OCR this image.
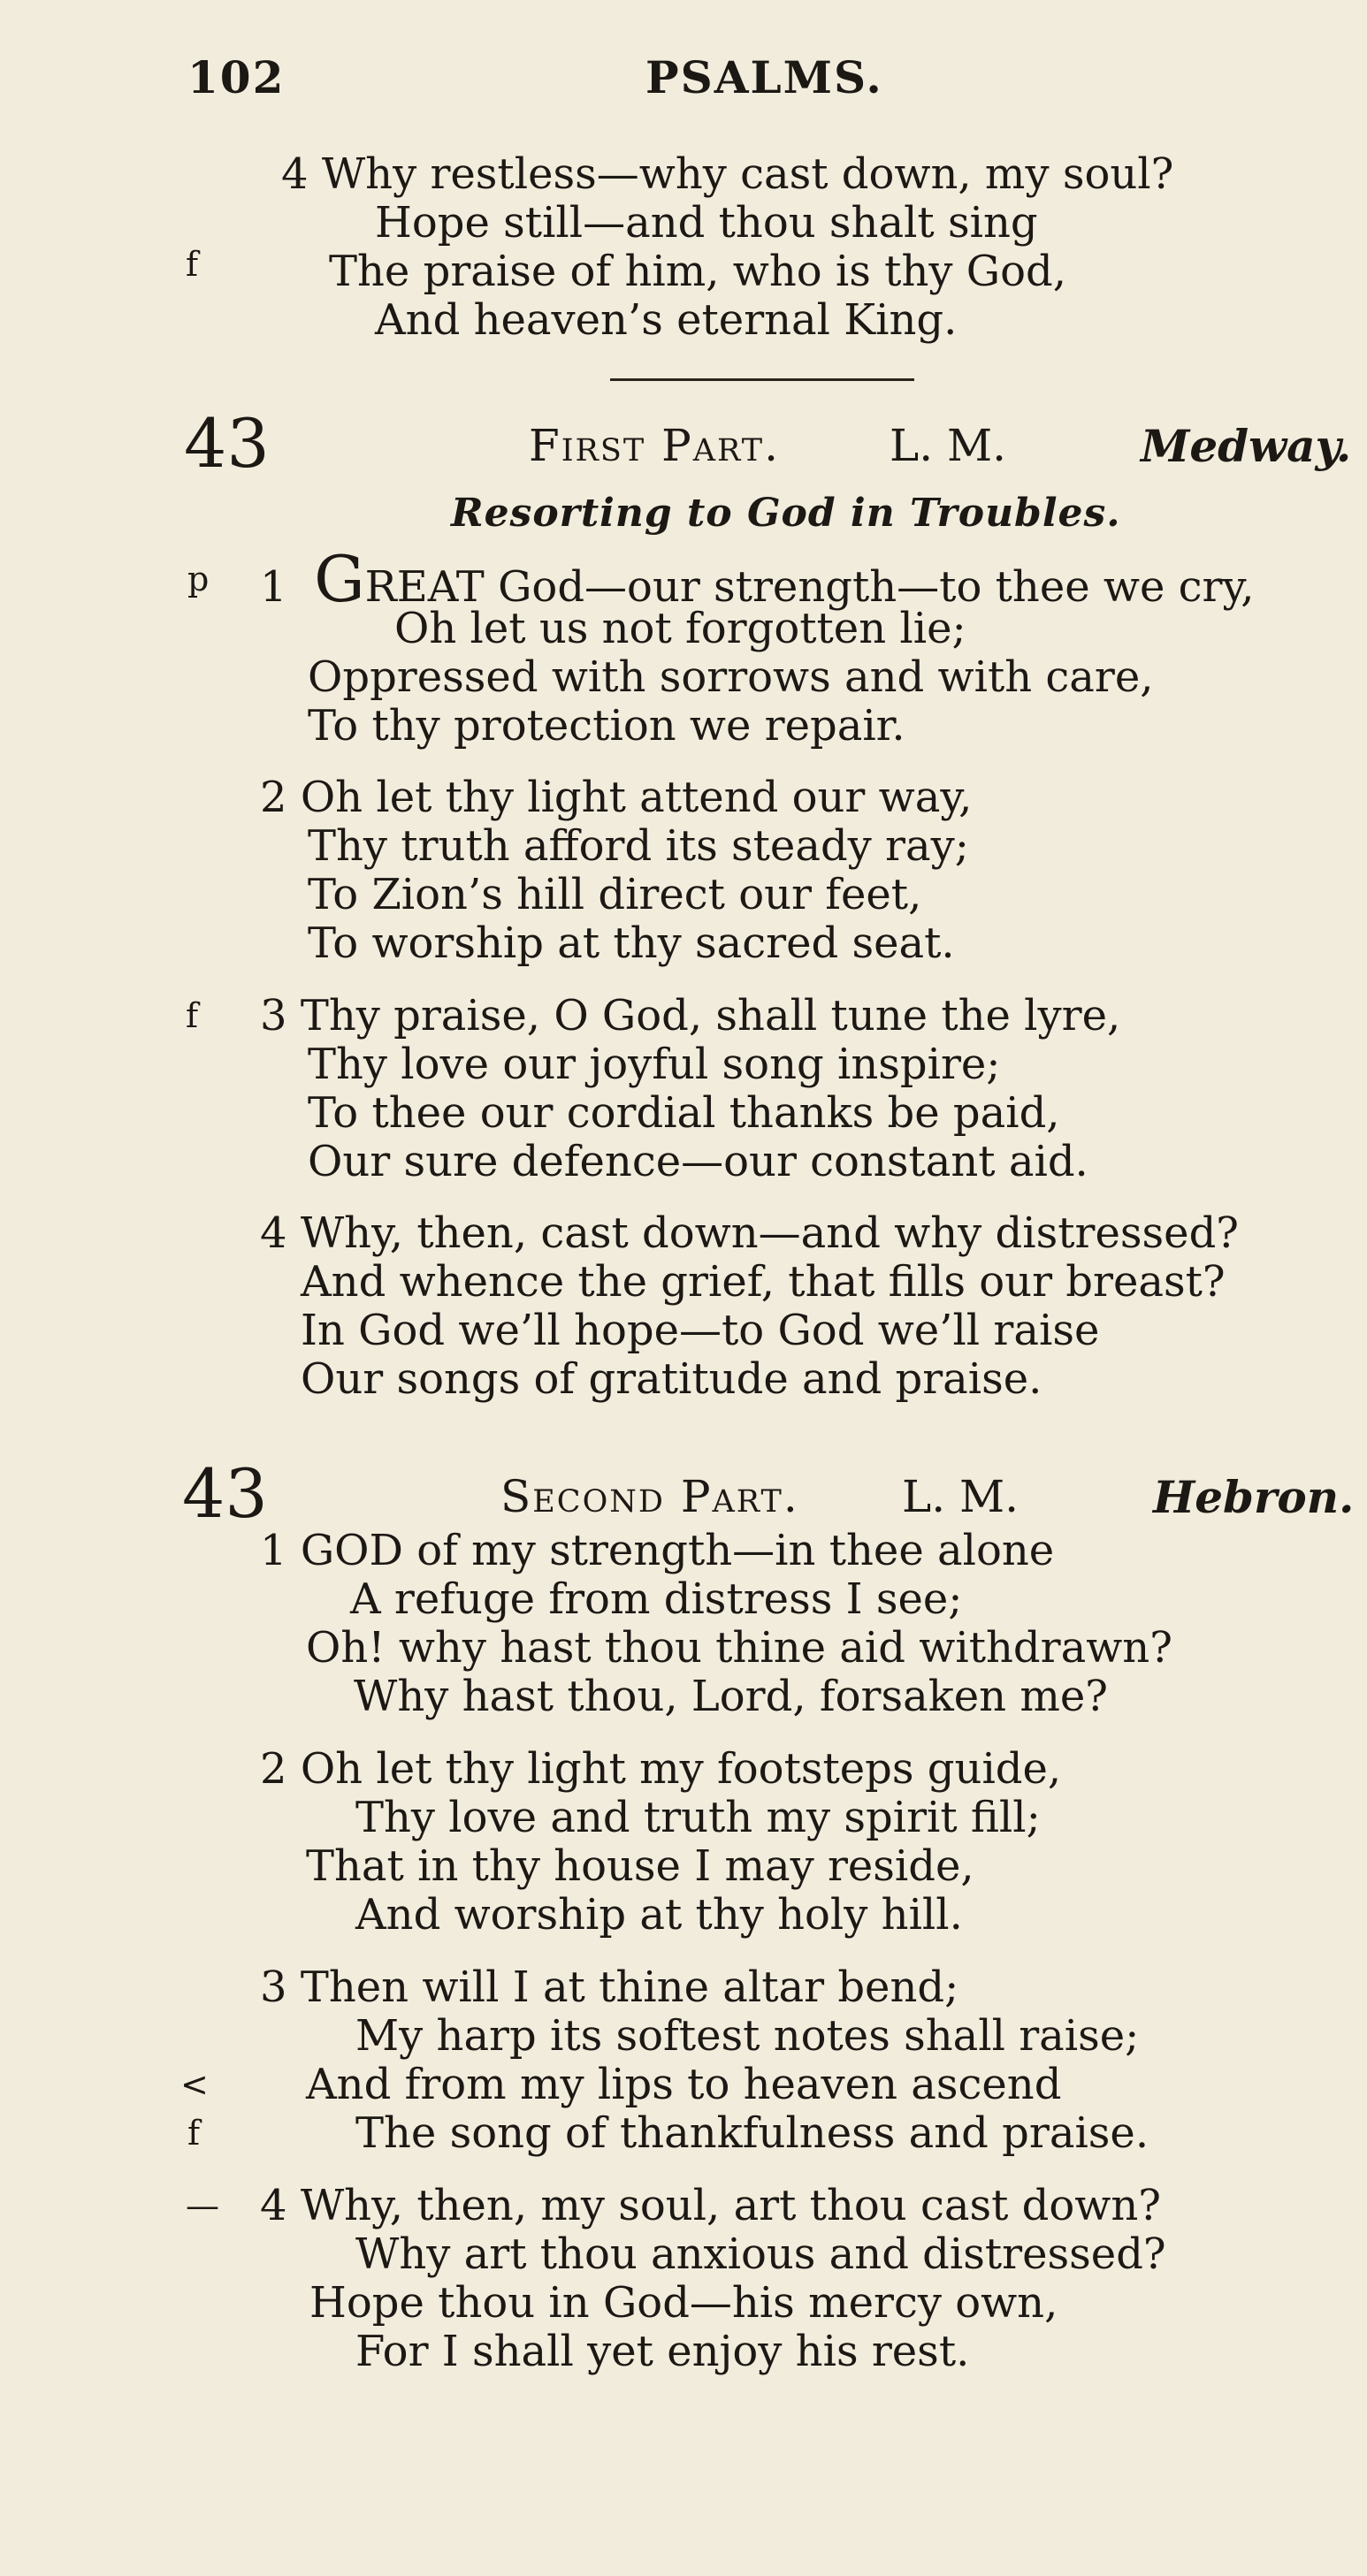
102	PSALMS.
4 Why restless—why cast down, my soul?
Hope still—and thou shalt sing
f	The praise of him, who is thy God,
And heaven’s eternal King.
43	First Part. L. M.	Medway.
Resorting to God in Troubles.
p 1 GREAT God—our strength—to thee we cry,
Oh let us not forgotten lie;
Oppressed with sorrows and with care,
To thy protection we repair.
2 Oh let thy light attend our way,
Thy truth afford its steady ray;
To Zion’s hill direct our feet,
To worship at thy sacred seat.
f 3 Thy praise, O God, shall tune the lyre,
Thy love our joyful song inspire;
To thee our cordial thanks be paid,
Our sure defence—our constant aid.
4 Why, then, cast down—and why distressed?
And whence the grief, that fills our breast?
In God we’ll hope—to God we’ll raise
Our songs of gratitude and praise.
43	Second Part. L. M.	Hebron.
1 GOD of my strength—in thee alone
A refuge from distress I see;
Oh! why hast thou thine aid withdrawn?
Why hast thou, Lord, forsaken me?
2 Oh let thy light my footsteps guide,
Thy love and truth my spirit fill;
That in thy house I may reside,
And worship at thy holy hill.
3 Then will I at thine altar bend;
My harp its softest notes shall raise;
< And from my lips to heaven ascend
f	The song of thankfulness and praise.
— 4 Why, then, my soul, art thou cast down?
Why art thou anxious and distressed?
Hope thou in God—his mercy own,
For I shall yet enjoy his rest.
